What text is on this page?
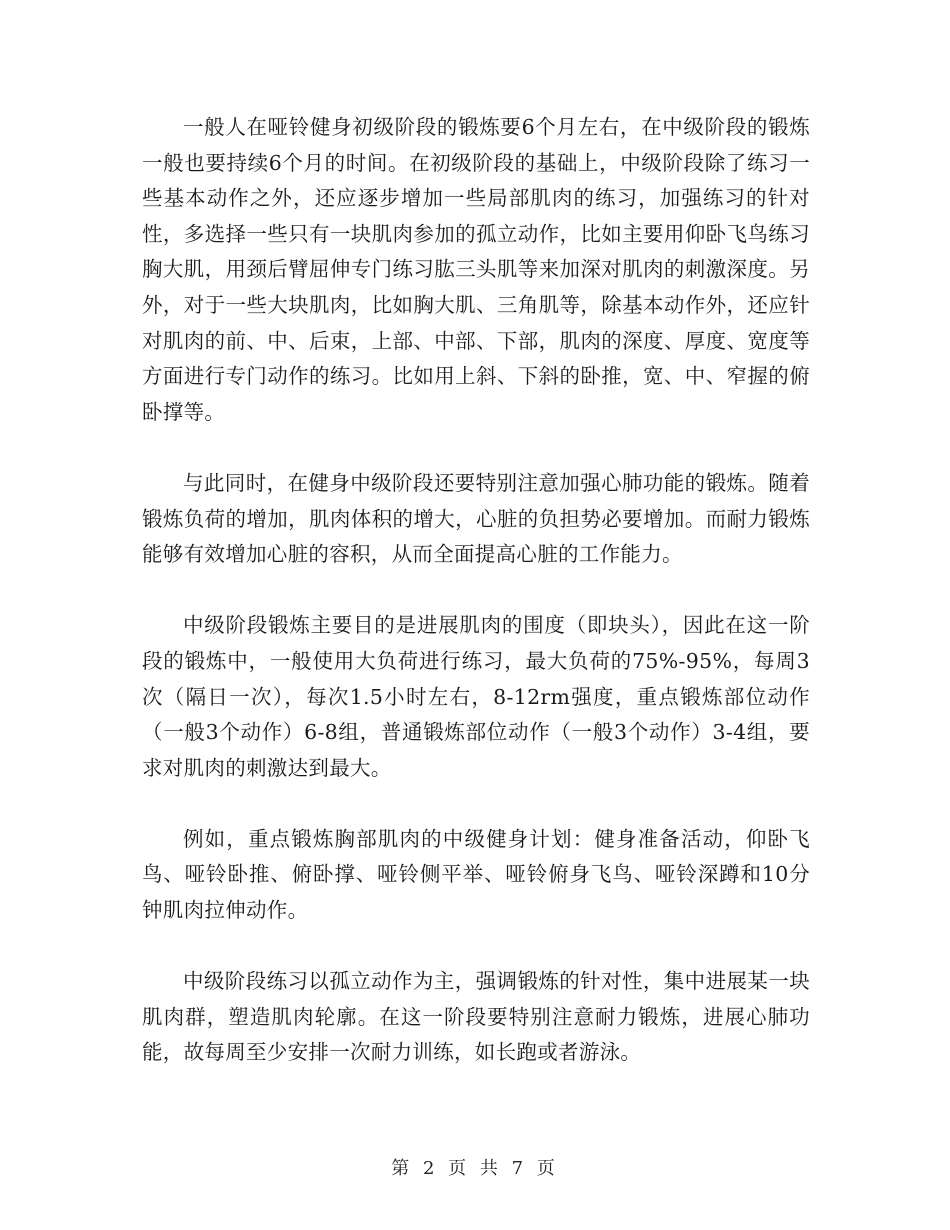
一般人在哑铃健身初级阶段的锻炼要6个月左右，在中级阶段的锻炼一般也要持续6个月的时间。在初级阶段的基础上，中级阶段除了练习一些基本动作之外，还应逐步增加一些局部肌肉的练习，加强练习的针对性，多选择一些只有一块肌肉参加的孤立动作，比如主要用仰卧飞鸟练习胸大肌，用颈后臂屈伸专门练习肱三头肌等来加深对肌肉的刺激深度。另外，对于一些大块肌肉，比如胸大肌、三角肌等，除基本动作外，还应针对肌肉的前、中、后束，上部、中部、下部，肌肉的深度、厚度、宽度等方面进行专门动作的练习。比如用上斜、下斜的卧推，宽、中、窄握的俯卧撑等。

与此同时，在健身中级阶段还要特别注意加强心肺功能的锻炼。随着锻炼负荷的增加，肌肉体积的增大，心脏的负担势必要增加。而耐力锻炼能够有效增加心脏的容积，从而全面提高心脏的工作能力。

中级阶段锻炼主要目的是进展肌肉的围度（即块头），因此在这一阶段的锻炼中，一般使用大负荷进行练习，最大负荷的75%-95%，每周3次（隔日一次），每次1.5小时左右，8-12rm强度，重点锻炼部位动作（一般3个动作）6-8组，普通锻炼部位动作（一般3个动作）3-4组，要求对肌肉的刺激达到最大。

例如，重点锻炼胸部肌肉的中级健身计划：健身准备活动，仰卧飞鸟、哑铃卧推、俯卧撑、哑铃侧平举、哑铃俯身飞鸟、哑铃深蹲和10分钟肌肉拉伸动作。

中级阶段练习以孤立动作为主，强调锻炼的针对性，集中进展某一块肌肉群，塑造肌肉轮廓。在这一阶段要特别注意耐力锻炼，进展心肺功能，故每周至少安排一次耐力训练，如长跑或者游泳。

第 2 页 共 7 页
